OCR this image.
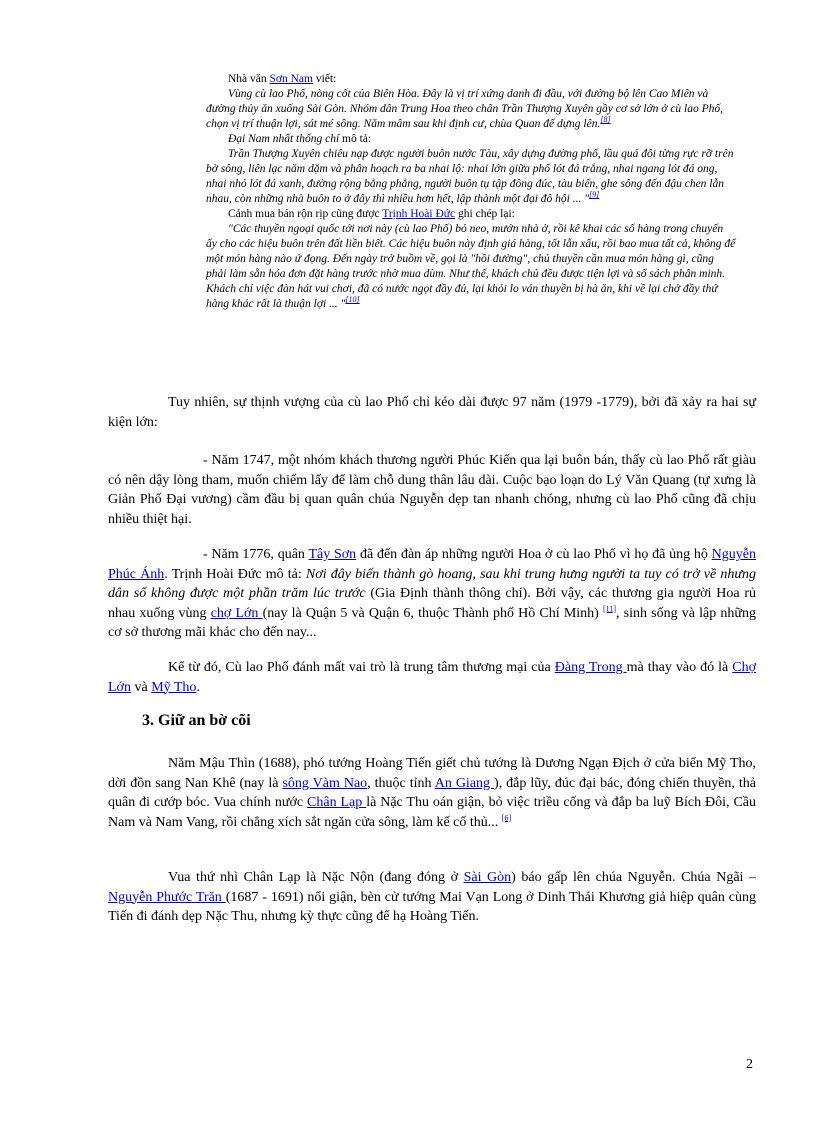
Nhà văn Sơn Nam viết:

Vùng cù lao Phố, nòng cốt của Biên Hòa. Đây là vị trí xứng danh đi đầu, với đường bộ lên Cao Miên và đường thủy ăn xuống Sài Gòn. Nhóm dân Trung Hoa theo chân Trần Thượng Xuyên gầy cơ sở lớn ở cù lao Phố, chọn vị trí thuận lợi, sát mé sông. Năm mâm sau khi định cư, chùa Quan đế dựng lên.[8]

Đại Nam nhất thống chí mô tả:

Trần Thượng Xuyên chiêu nạp được người buôn nước Tàu, xây dựng đường phố, lầu quá đôi từng rực rỡ trên bờ sông, liên lạc năm dặm và phân hoạch ra ba nhai lộ: nhai lớn giữa phố lót đá trắng, nhai ngang lót đá ong, nhai nhỏ lót đá xanh, đường rộng bằng phẳng, người buôn tụ tập đông đúc, tàu biển, ghe sông đến đậu chen lẫn nhau, còn những nhà buôn to ở đây thì nhiều hơn hết, lập thành một đại đô hội ... "[9]

Cảnh mua bán rộn rịp cũng được Trịnh Hoài Đức ghi chép lại:

"Các thuyền ngoại quốc tới nơi này (cù lao Phố) bỏ neo, mướn nhà ở, rồi kê khai các số hàng trong chuyến ấy cho các hiệu buôn trên đất liền biết. Các hiệu buôn này định giá hàng, tốt lẫn xấu, rồi bao mua tất cả, không để một món hàng nào ứ đọng. Đến ngày trở buồm về, gọi là "hồi đường", chủ thuyền cần mua món hàng gì, cũng phải làm sẵn hóa đơn đặt hàng trước nhờ mua dùm. Như thế, khách chủ đều được tiện lợi và sổ sách phân minh. Khách chỉ việc đàn hát vui chơi, đã có nước ngọt đầy đủ, lại khỏi lo ván thuyền bị hà ăn, khi về lại chở đầy thứ hàng khác rất là thuận lợi ... "[10]

Tuy nhiên, sự thịnh vượng của cù lao Phố chỉ kéo dài được 97 năm (1979 -1779), bởi đã xảy ra hai sự kiện lớn:

- Năm 1747, một nhóm khách thương người Phúc Kiến qua lại buôn bán, thấy cù lao Phố rất giàu có nên dậy lòng tham, muốn chiếm lấy để làm chỗ dung thân lâu dài. Cuộc bạo loạn do Lý Văn Quang (tự xưng là Giản Phố Đại vương) cầm đầu bị quan quân chúa Nguyễn dẹp tan nhanh chóng, nhưng cù lao Phố cũng đã chịu nhiều thiệt hại.

- Năm 1776, quân Tây Sơn đã đến đàn áp những người Hoa ở cù lao Phố vì họ đã ủng hộ Nguyễn Phúc Ánh. Trịnh Hoài Đức mô tả: Nơi đây biến thành gò hoang, sau khi trung hưng người ta tuy có trở về nhưng dân số không được một phần trăm lúc trước (Gia Định thành thông chí). Bởi vậy, các thương gia người Hoa rủ nhau xuống vùng chợ Lớn (nay là Quận 5 và Quận 6, thuộc Thành phố Hồ Chí Minh) [11], sinh sống và lập những cơ sở thương mãi khác cho đến nay...

Kể từ đó, Cù lao Phố đánh mất vai trò là trung tâm thương mại của Đàng Trong mà thay vào đó là Chợ Lớn và Mỹ Tho.

3. Giữ an bờ cõi

Năm Mậu Thìn (1688), phó tướng Hoàng Tiến giết chủ tướng là Dương Ngạn Địch ở cửa biển Mỹ Tho, dời đồn sang Nan Khê (nay là sông Vàm Nao, thuộc tỉnh An Giang ), đắp lũy, đúc đại bác, đóng chiến thuyền, thả quân đi cướp bóc. Vua chính nước Chân Lạp là Nặc Thu oán giận, bỏ việc triều cống và đắp ba luỹ Bích Đôi, Cầu Nam và Nam Vang, rồi chẳng xích sắt ngăn cửa sông, làm kế cố thủ... [6]

Vua thứ nhì Chân Lạp là Nặc Nộn (đang đóng ở Sài Gòn) báo gấp lên chúa Nguyễn. Chúa Ngãi – Nguyễn Phước Trăn (1687 - 1691) nổi giận, bèn cử tướng Mai Vạn Long ở Dinh Thái Khương giả hiệp quân cùng Tiến đi đánh dẹp Nặc Thu, nhưng kỳ thực cũng để hạ Hoàng Tiến.

2
